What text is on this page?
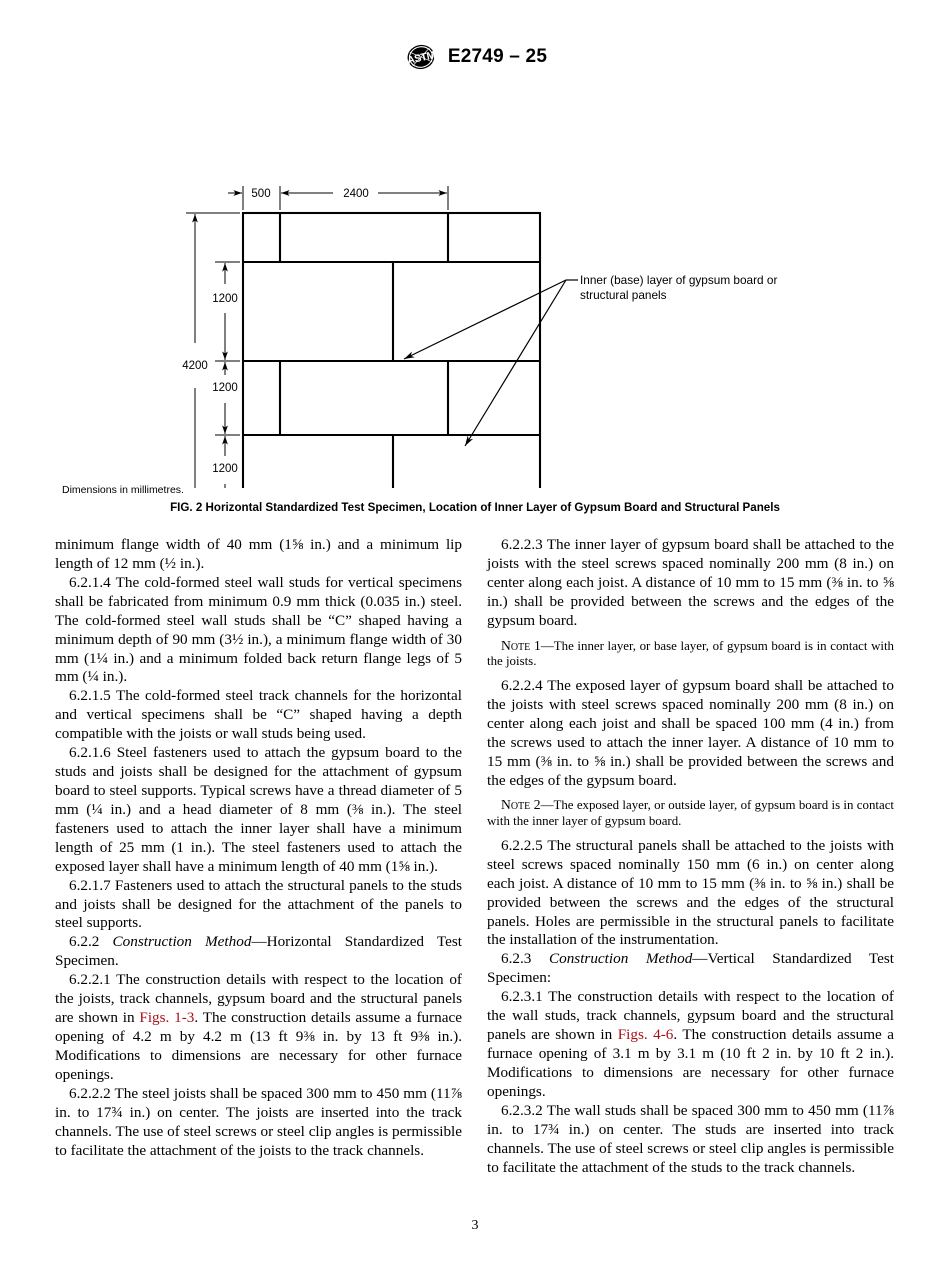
ASTM E2749 – 25
500	2400
4200
1200
1200
1200
Inner (base) layer of gypsum board or
structural panels
Dimensions in millimetres.
FIG. 2 Horizontal Standardized Test Specimen, Location of Inner Layer of Gypsum Board and Structural Panels

minimum flange width of 40 mm (1⅝ in.) and a minimum lip length of 12 mm (½ in.).

6.2.1.4 The cold-formed steel wall studs for vertical specimens shall be fabricated from minimum 0.9 mm thick (0.035 in.) steel. The cold-formed steel wall studs shall be “C” shaped having a minimum depth of 90 mm (3½ in.), a minimum flange width of 30 mm (1¼ in.) and a minimum folded back return flange legs of 5 mm (¼ in.).

6.2.1.5 The cold-formed steel track channels for the horizontal and vertical specimens shall be “C” shaped having a depth compatible with the joists or wall studs being used.

6.2.1.6 Steel fasteners used to attach the gypsum board to the studs and joists shall be designed for the attachment of gypsum board to steel supports. Typical screws have a thread diameter of 5 mm (¼ in.) and a head diameter of 8 mm (⅜ in.). The steel fasteners used to attach the inner layer shall have a minimum length of 25 mm (1 in.). The steel fasteners used to attach the exposed layer shall have a minimum length of 40 mm (1⅝ in.).

6.2.1.7 Fasteners used to attach the structural panels to the studs and joists shall be designed for the attachment of the panels to steel supports.

6.2.2 Construction Method—Horizontal Standardized Test Specimen.

6.2.2.1 The construction details with respect to the location of the joists, track channels, gypsum board and the structural panels are shown in Figs. 1-3. The construction details assume a furnace opening of 4.2 m by 4.2 m (13 ft 9⅜ in. by 13 ft 9⅜ in.). Modifications to dimensions are necessary for other furnace openings.

6.2.2.2 The steel joists shall be spaced 300 mm to 450 mm (11⅞ in. to 17¾ in.) on center. The joists are inserted into the track channels. The use of steel screws or steel clip angles is permissible to facilitate the attachment of the joists to the track channels.

6.2.2.3 The inner layer of gypsum board shall be attached to the joists with the steel screws spaced nominally 200 mm (8 in.) on center along each joist. A distance of 10 mm to 15 mm (⅜ in. to ⅝ in.) shall be provided between the screws and the edges of the gypsum board.

Note 1—The inner layer, or base layer, of gypsum board is in contact with the joists.

6.2.2.4 The exposed layer of gypsum board shall be attached to the joists with steel screws spaced nominally 200 mm (8 in.) on center along each joist and shall be spaced 100 mm (4 in.) from the screws used to attach the inner layer. A distance of 10 mm to 15 mm (⅜ in. to ⅝ in.) shall be provided between the screws and the edges of the gypsum board.

Note 2—The exposed layer, or outside layer, of gypsum board is in contact with the inner layer of gypsum board.

6.2.2.5 The structural panels shall be attached to the joists with steel screws spaced nominally 150 mm (6 in.) on center along each joist. A distance of 10 mm to 15 mm (⅜ in. to ⅝ in.) shall be provided between the screws and the edges of the structural panels. Holes are permissible in the structural panels to facilitate the installation of the instrumentation.

6.2.3 Construction Method—Vertical Standardized Test Specimen:

6.2.3.1 The construction details with respect to the location of the wall studs, track channels, gypsum board and the structural panels are shown in Figs. 4-6. The construction details assume a furnace opening of 3.1 m by 3.1 m (10 ft 2 in. by 10 ft 2 in.). Modifications to dimensions are necessary for other furnace openings.

6.2.3.2 The wall studs shall be spaced 300 mm to 450 mm (11⅞ in. to 17¾ in.) on center. The studs are inserted into track channels. The use of steel screws or steel clip angles is permissible to facilitate the attachment of the studs to the track channels.

3
